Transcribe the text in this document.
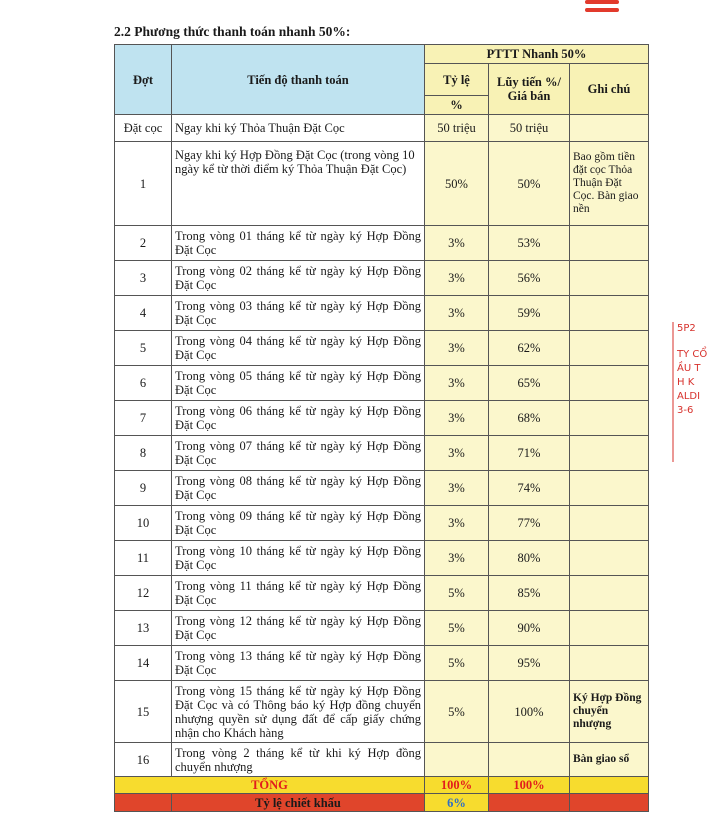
2.2 Phương thức thanh toán nhanh 50%:
Đợt	Tiến độ thanh toán	PTTT Nhanh 50%		
		Tỷ lệ	Lũy tiến %/ Giá bán	Ghi chú
		%		
Đặt cọc	Ngay khi ký Thỏa Thuận Đặt Cọc	50 triệu	50 triệu	
1	Ngay khi ký Hợp Đồng Đặt Cọc (trong vòng 10 ngày kể từ thời điểm ký Thỏa Thuận Đặt Cọc)	50%	50%	Bao gồm tiền đặt cọc Thỏa Thuận Đặt Cọc. Bàn giao nền
2	Trong vòng 01 tháng kể từ ngày ký Hợp Đồng Đặt Cọc	3%	53%	
3	Trong vòng 02 tháng kể từ ngày ký Hợp Đồng Đặt Cọc	3%	56%	
4	Trong vòng 03 tháng kể từ ngày ký Hợp Đồng Đặt Cọc	3%	59%	
5	Trong vòng 04 tháng kể từ ngày ký Hợp Đồng Đặt Cọc	3%	62%	
6	Trong vòng 05 tháng kể từ ngày ký Hợp Đồng Đặt Cọc	3%	65%	
7	Trong vòng 06 tháng kể từ ngày ký Hợp Đồng Đặt Cọc	3%	68%	
8	Trong vòng 07 tháng kể từ ngày ký Hợp Đồng Đặt Cọc	3%	71%	
9	Trong vòng 08 tháng kể từ ngày ký Hợp Đồng Đặt Cọc	3%	74%	
10	Trong vòng 09 tháng kể từ ngày ký Hợp Đồng Đặt Cọc	3%	77%	
11	Trong vòng 10 tháng kể từ ngày ký Hợp Đồng Đặt Cọc	3%	80%	
12	Trong vòng 11 tháng kể từ ngày ký Hợp Đồng Đặt Cọc	5%	85%	
13	Trong vòng 12 tháng kể từ ngày ký Hợp Đồng Đặt Cọc	5%	90%	
14	Trong vòng 13 tháng kể từ ngày ký Hợp Đồng Đặt Cọc	5%	95%	
15	Trong vòng 15 tháng kể từ ngày ký Hợp Đồng Đặt Cọc và có Thông báo ký Hợp đồng chuyển nhượng quyền sử dụng đất để cấp giấy chứng nhận cho Khách hàng	5%	100%	Ký Hợp Đồng chuyển nhượng
16	Trong vòng 2 tháng kể từ khi ký Hợp đồng chuyển nhượng			Bàn giao sổ
TỔNG		100%	100%	
	Tỷ lệ chiết khấu	6%		
5P2
TY CỔ
ẦU T
H K
ALDI
3-6
